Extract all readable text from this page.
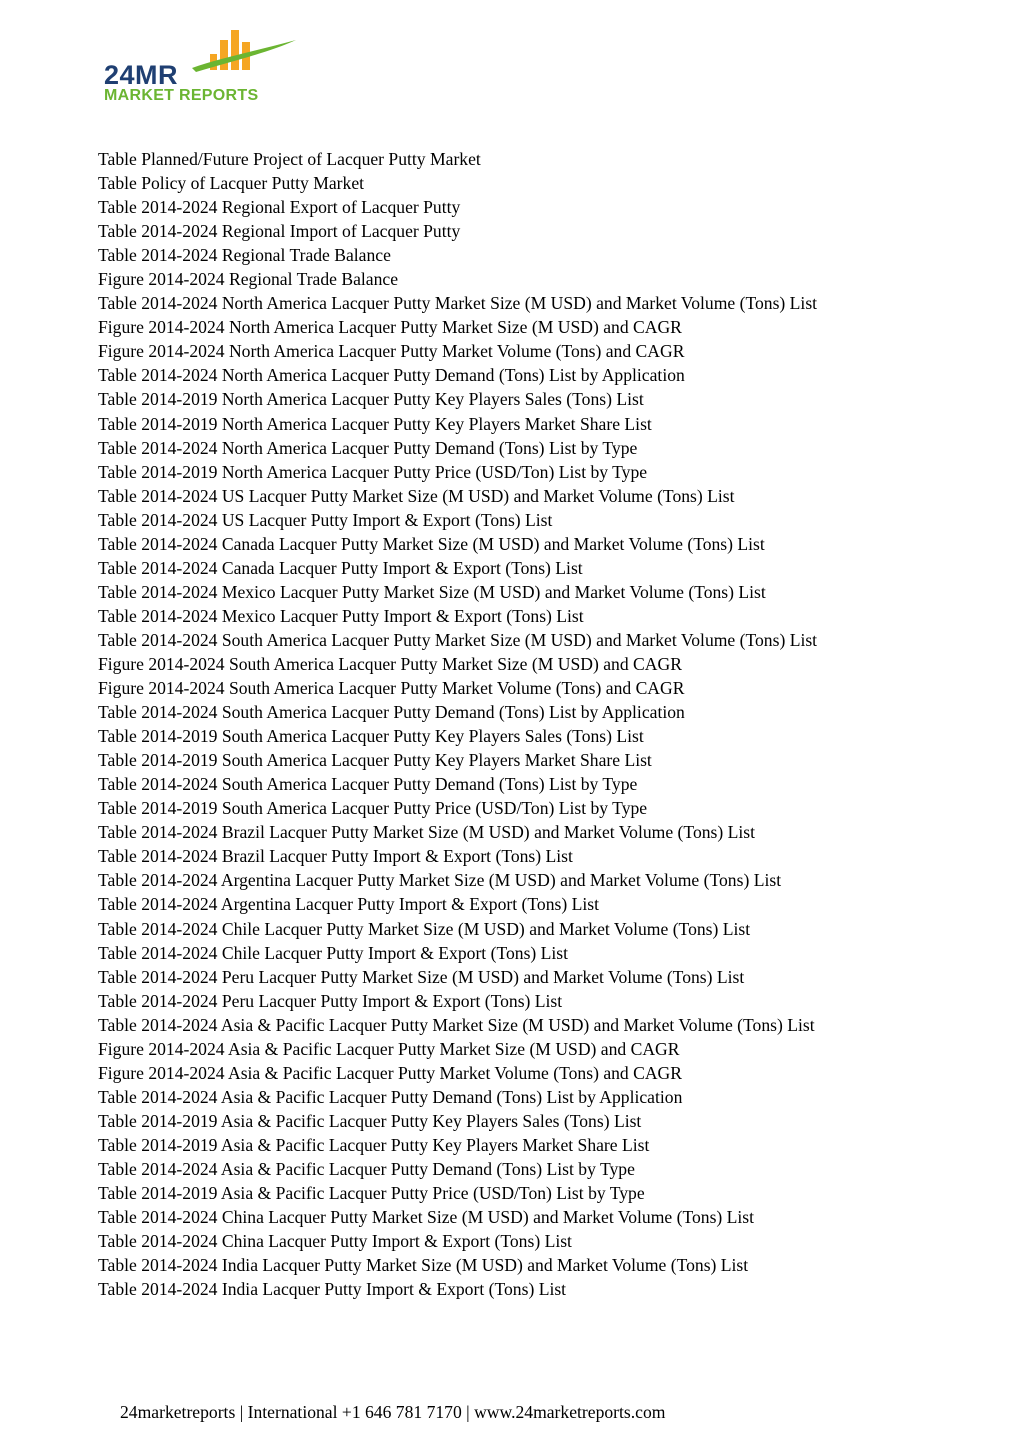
24MR
MARKET REPORTS
Table Planned/Future Project of Lacquer Putty Market
Table Policy of Lacquer Putty Market
Table 2014-2024 Regional Export of Lacquer Putty
Table 2014-2024 Regional Import of Lacquer Putty
Table 2014-2024 Regional Trade Balance
Figure 2014-2024 Regional Trade Balance
Table 2014-2024 North America Lacquer Putty Market Size (M USD) and Market Volume (Tons) List
Figure 2014-2024 North America Lacquer Putty Market Size (M USD) and CAGR
Figure 2014-2024 North America Lacquer Putty Market Volume (Tons) and CAGR
Table 2014-2024 North America Lacquer Putty Demand (Tons) List by Application
Table 2014-2019 North America Lacquer Putty Key Players Sales (Tons) List
Table 2014-2019 North America Lacquer Putty Key Players Market Share List
Table 2014-2024 North America Lacquer Putty Demand (Tons) List by Type
Table 2014-2019 North America Lacquer Putty Price (USD/Ton) List by Type
Table 2014-2024 US Lacquer Putty Market Size (M USD) and Market Volume (Tons) List
Table 2014-2024 US Lacquer Putty Import & Export (Tons) List
Table 2014-2024 Canada Lacquer Putty Market Size (M USD) and Market Volume (Tons) List
Table 2014-2024 Canada Lacquer Putty Import & Export (Tons) List
Table 2014-2024 Mexico Lacquer Putty Market Size (M USD) and Market Volume (Tons) List
Table 2014-2024 Mexico Lacquer Putty Import & Export (Tons) List
Table 2014-2024 South America Lacquer Putty Market Size (M USD) and Market Volume (Tons) List
Figure 2014-2024 South America Lacquer Putty Market Size (M USD) and CAGR
Figure 2014-2024 South America Lacquer Putty Market Volume (Tons) and CAGR
Table 2014-2024 South America Lacquer Putty Demand (Tons) List by Application
Table 2014-2019 South America Lacquer Putty Key Players Sales (Tons) List
Table 2014-2019 South America Lacquer Putty Key Players Market Share List
Table 2014-2024 South America Lacquer Putty Demand (Tons) List by Type
Table 2014-2019 South America Lacquer Putty Price (USD/Ton) List by Type
Table 2014-2024 Brazil Lacquer Putty Market Size (M USD) and Market Volume (Tons) List
Table 2014-2024 Brazil Lacquer Putty Import & Export (Tons) List
Table 2014-2024 Argentina Lacquer Putty Market Size (M USD) and Market Volume (Tons) List
Table 2014-2024 Argentina Lacquer Putty Import & Export (Tons) List
Table 2014-2024 Chile Lacquer Putty Market Size (M USD) and Market Volume (Tons) List
Table 2014-2024 Chile Lacquer Putty Import & Export (Tons) List
Table 2014-2024 Peru Lacquer Putty Market Size (M USD) and Market Volume (Tons) List
Table 2014-2024 Peru Lacquer Putty Import & Export (Tons) List
Table 2014-2024 Asia & Pacific Lacquer Putty Market Size (M USD) and Market Volume (Tons) List
Figure 2014-2024 Asia & Pacific Lacquer Putty Market Size (M USD) and CAGR
Figure 2014-2024 Asia & Pacific Lacquer Putty Market Volume (Tons) and CAGR
Table 2014-2024 Asia & Pacific Lacquer Putty Demand (Tons) List by Application
Table 2014-2019 Asia & Pacific Lacquer Putty Key Players Sales (Tons) List
Table 2014-2019 Asia & Pacific Lacquer Putty Key Players Market Share List
Table 2014-2024 Asia & Pacific Lacquer Putty Demand (Tons) List by Type
Table 2014-2019 Asia & Pacific Lacquer Putty Price (USD/Ton) List by Type
Table 2014-2024 China Lacquer Putty Market Size (M USD) and Market Volume (Tons) List
Table 2014-2024 China Lacquer Putty Import & Export (Tons) List
Table 2014-2024 India Lacquer Putty Market Size (M USD) and Market Volume (Tons) List
Table 2014-2024 India Lacquer Putty Import & Export (Tons) List
24marketreports | International +1 646 781 7170 | www.24marketreports.com
